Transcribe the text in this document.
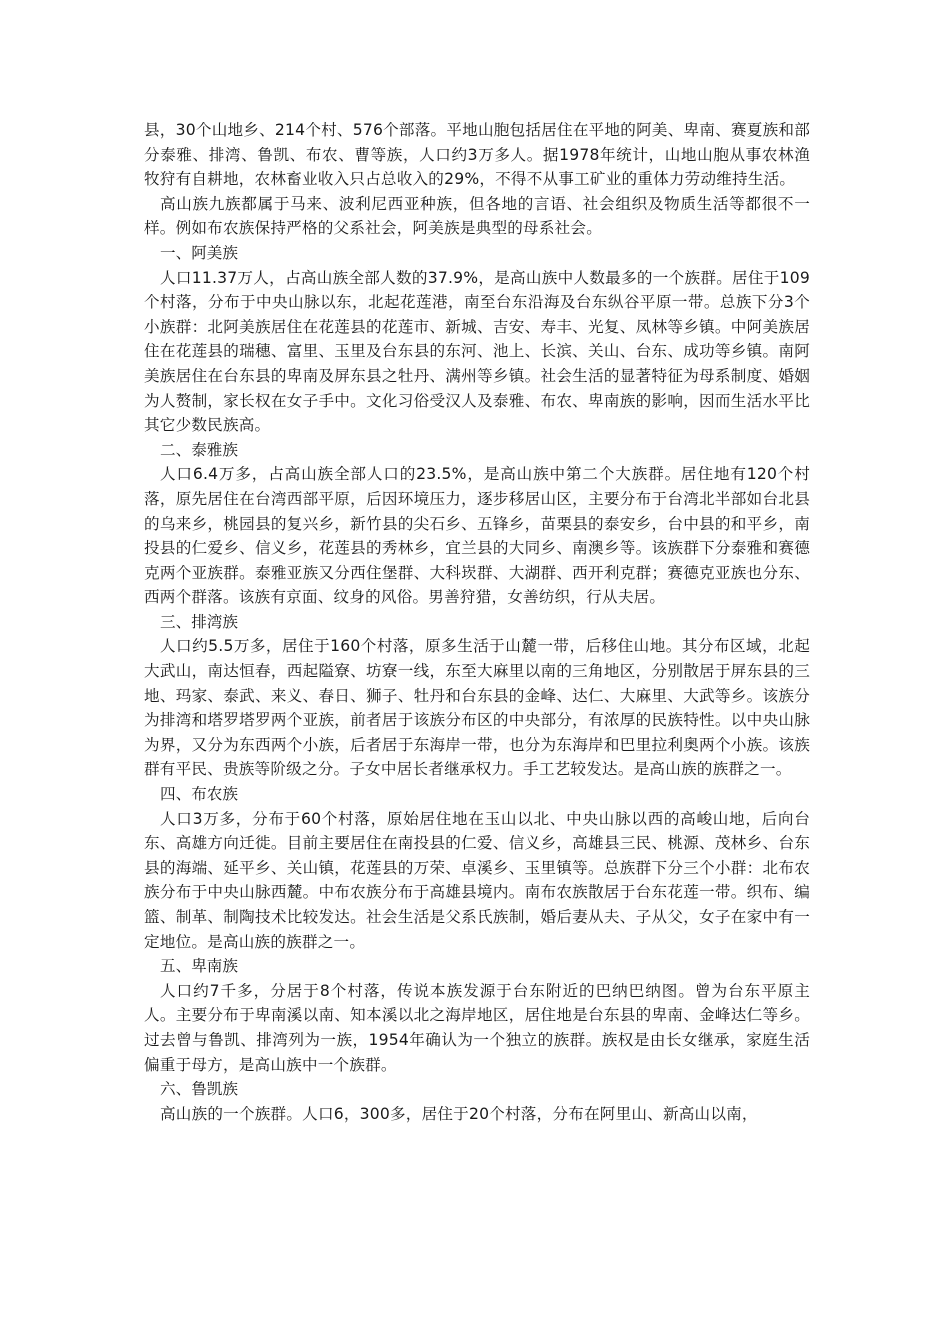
县，30个山地乡、214个村、576个部落。平地山胞包括居住在平地的阿美、卑南、赛夏族和部分泰雅、排湾、鲁凯、布农、曹等族，人口约3万多人。据1978年统计，山地山胞从事农林渔牧狩有自耕地，农林畜业收入只占总收入的29%，不得不从事工矿业的重体力劳动维持生活。

高山族九族都属于马来、波利尼西亚种族，但各地的言语、社会组织及物质生活等都很不一样。例如布农族保持严格的父系社会，阿美族是典型的母系社会。

一、阿美族

人口11.37万人，占高山族全部人数的37.9%，是高山族中人数最多的一个族群。居住于109个村落，分布于中央山脉以东，北起花莲港，南至台东沿海及台东纵谷平原一带。总族下分3个小族群：北阿美族居住在花莲县的花莲市、新城、吉安、寿丰、光复、凤林等乡镇。中阿美族居住在花莲县的瑞穗、富里、玉里及台东县的东河、池上、长滨、关山、台东、成功等乡镇。南阿美族居住在台东县的卑南及屏东县之牡丹、满州等乡镇。社会生活的显著特征为母系制度、婚姻为人赘制，家长权在女子手中。文化习俗受汉人及泰雅、布农、卑南族的影响，因而生活水平比其它少数民族高。

二、泰雅族

人口6.4万多，占高山族全部人口的23.5%，是高山族中第二个大族群。居住地有120个村落，原先居住在台湾西部平原，后因环境压力，逐步移居山区，主要分布于台湾北半部如台北县的乌来乡，桃园县的复兴乡，新竹县的尖石乡、五锋乡，苗栗县的泰安乡，台中县的和平乡，南投县的仁爱乡、信义乡，花莲县的秀林乡，宜兰县的大同乡、南澳乡等。该族群下分泰雅和赛德克两个亚族群。泰雅亚族又分西住堡群、大科崁群、大湖群、西开利克群；赛德克亚族也分东、西两个群落。该族有京面、纹身的风俗。男善狩猎，女善纺织，行从夫居。

三、排湾族

人口约5.5万多，居住于160个村落，原多生活于山麓一带，后移住山地。其分布区域，北起大武山，南达恒春，西起隘寮、坊寮一线，东至大麻里以南的三角地区，分别散居于屏东县的三地、玛家、泰武、来义、春日、狮子、牡丹和台东县的金峰、达仁、大麻里、大武等乡。该族分为排湾和塔罗塔罗两个亚族，前者居于该族分布区的中央部分，有浓厚的民族特性。以中央山脉为界，又分为东西两个小族，后者居于东海岸一带，也分为东海岸和巴里拉利奥两个小族。该族群有平民、贵族等阶级之分。子女中居长者继承权力。手工艺较发达。是高山族的族群之一。

四、布农族

人口3万多，分布于60个村落，原始居住地在玉山以北、中央山脉以西的高峻山地，后向台东、高雄方向迁徙。目前主要居住在南投县的仁爱、信义乡，高雄县三民、桃源、茂林乡、台东县的海端、延平乡、关山镇，花莲县的万荣、卓溪乡、玉里镇等。总族群下分三个小群：北布农族分布于中央山脉西麓。中布农族分布于高雄县境内。南布农族散居于台东花莲一带。织布、编篮、制革、制陶技术比较发达。社会生活是父系氏族制，婚后妻从夫、子从父，女子在家中有一定地位。是高山族的族群之一。

五、卑南族

人口约7千多，分居于8个村落，传说本族发源于台东附近的巴纳巴纳图。曾为台东平原主人。主要分布于卑南溪以南、知本溪以北之海岸地区，居住地是台东县的卑南、金峰达仁等乡。过去曾与鲁凯、排湾列为一族，1954年确认为一个独立的族群。族权是由长女继承，家庭生活偏重于母方，是高山族中一个族群。

六、鲁凯族

高山族的一个族群。人口6，300多，居住于20个村落，分布在阿里山、新高山以南，
